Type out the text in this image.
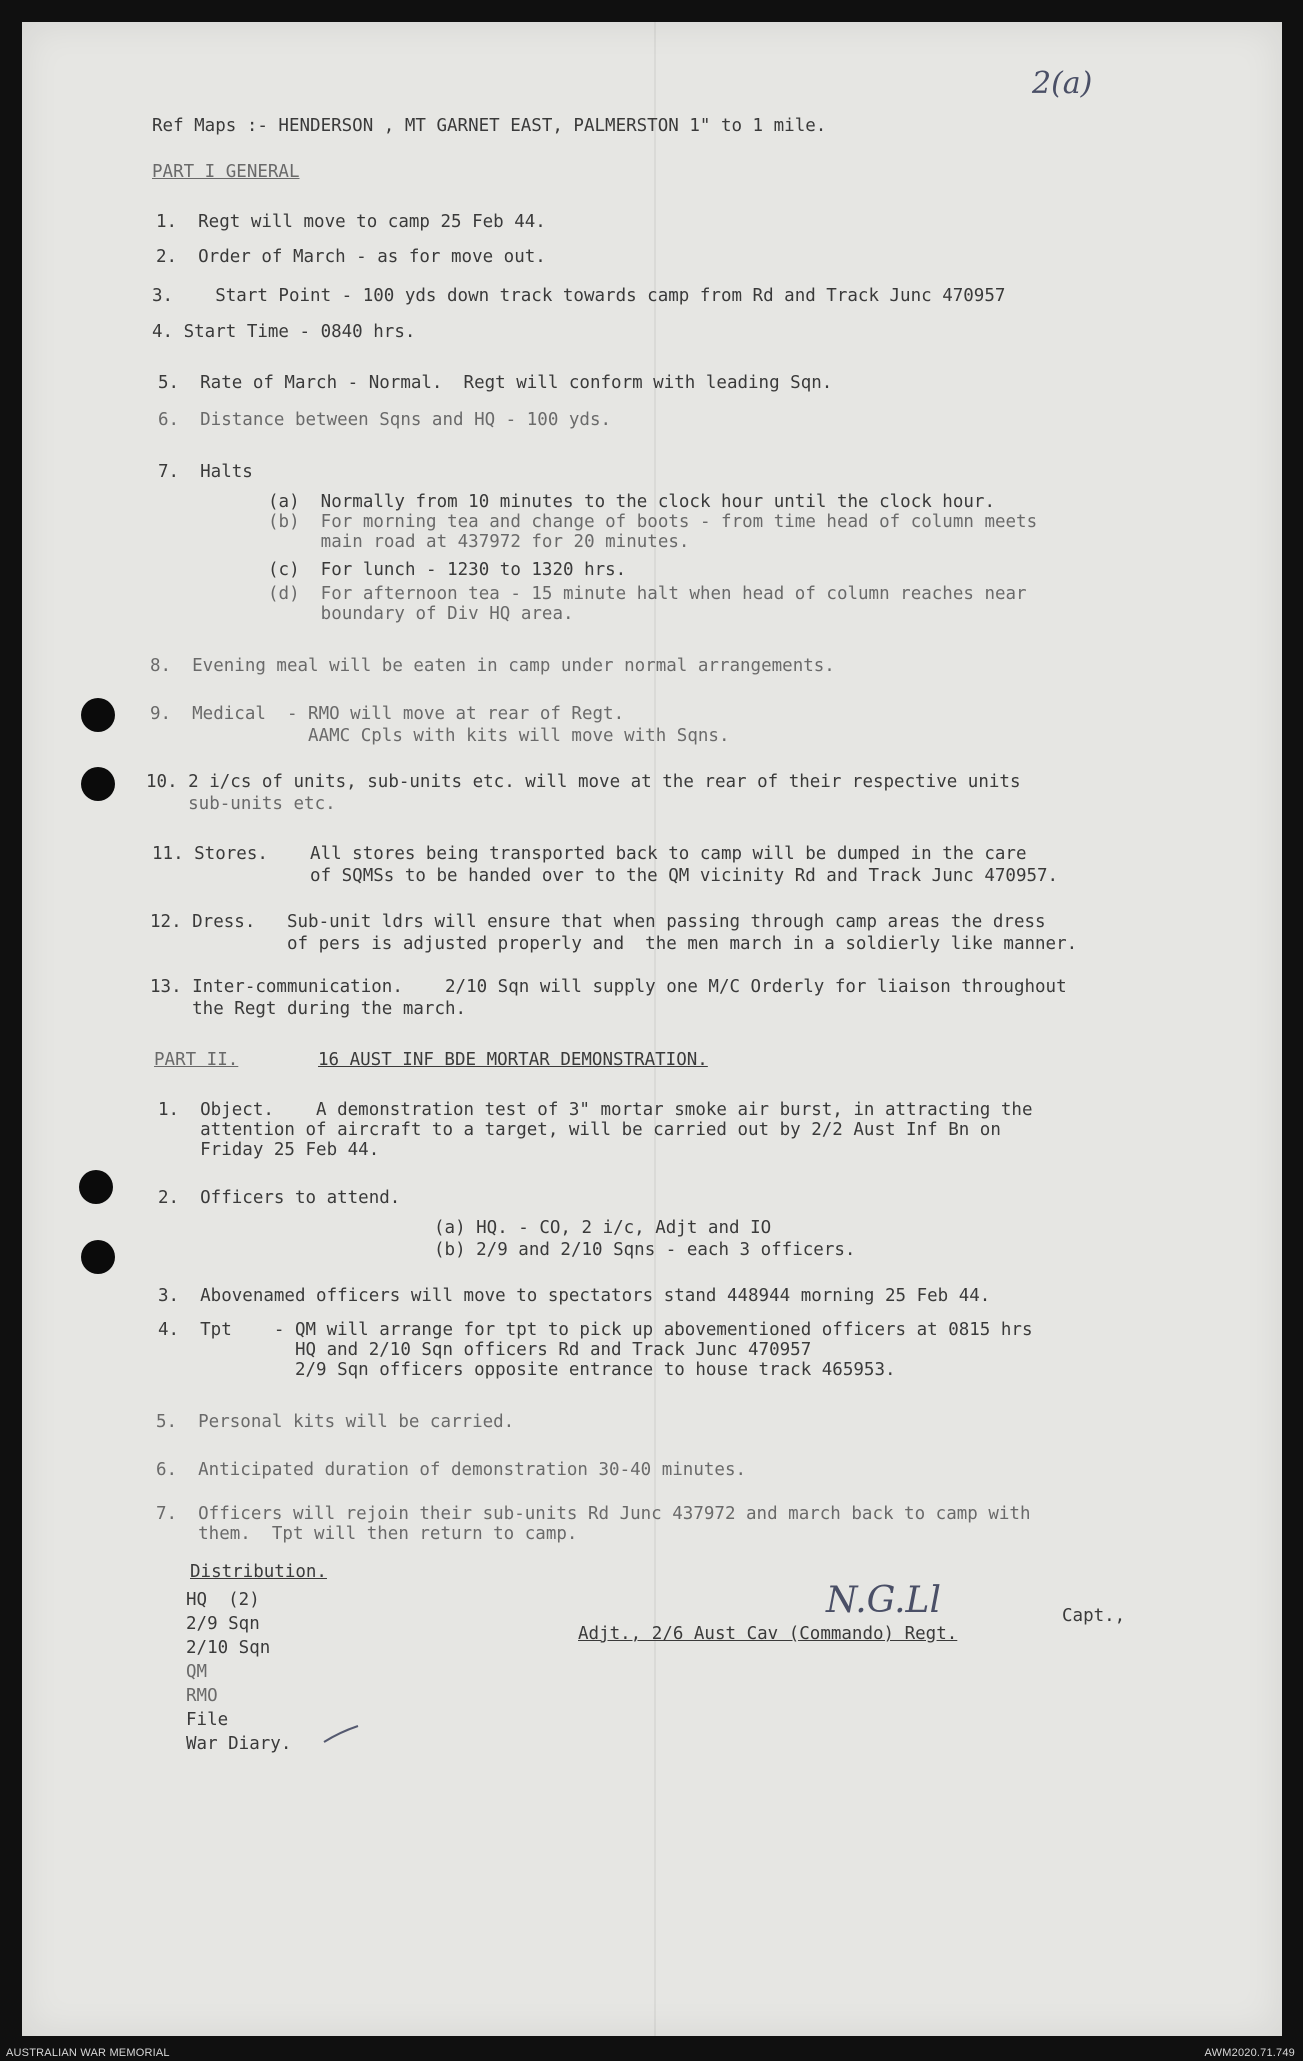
2(a)
Ref Maps :- HENDERSON , MT GARNET EAST, PALMERSTON 1" to 1 mile.
PART I GENERAL
1.  Regt will move to camp 25 Feb 44.
2.  Order of March - as for move out.
3.    Start Point - 100 yds down track towards camp from Rd and Track Junc 470957
4. Start Time - 0840 hrs.
5.  Rate of March - Normal.  Regt will conform with leading Sqn.
6.  Distance between Sqns and HQ - 100 yds.
7.  Halts
(a)  Normally from 10 minutes to the clock hour until the clock hour.
(b)  For morning tea and change of boots - from time head of column meets
main road at 437972 for 20 minutes.
(c)  For lunch - 1230 to 1320 hrs.
(d)  For afternoon tea - 15 minute halt when head of column reaches near
boundary of Div HQ area.
8.  Evening meal will be eaten in camp under normal arrangements.
9.  Medical  - RMO will move at rear of Regt.
AAMC Cpls with kits will move with Sqns.
10. 2 i/cs of units, sub-units etc. will move at the rear of their respective units
sub-units etc.
11. Stores.    All stores being transported back to camp will be dumped in the care
of SQMSs to be handed over to the QM vicinity Rd and Track Junc 470957.
12. Dress.   Sub-unit ldrs will ensure that when passing through camp areas the dress
of pers is adjusted properly and  the men march in a soldierly like manner.
13. Inter-communication.    2/10 Sqn will supply one M/C Orderly for liaison throughout
the Regt during the march.
PART II.	16 AUST INF BDE MORTAR DEMONSTRATION.
1.  Object.    A demonstration test of 3" mortar smoke air burst, in attracting the
attention of aircraft to a target, will be carried out by 2/2 Aust Inf Bn on
Friday 25 Feb 44.
2.  Officers to attend.
(a) HQ. - CO, 2 i/c, Adjt and IO
(b) 2/9 and 2/10 Sqns - each 3 officers.
3.  Abovenamed officers will move to spectators stand 448944 morning 25 Feb 44.
4.  Tpt    - QM will arrange for tpt to pick up abovementioned officers at 0815 hrs
HQ and 2/10 Sqn officers Rd and Track Junc 470957
2/9 Sqn officers opposite entrance to house track 465953.
5.  Personal kits will be carried.
6.  Anticipated duration of demonstration 30-40 minutes.
7.  Officers will rejoin their sub-units Rd Junc 437972 and march back to camp with
them.  Tpt will then return to camp.
Distribution.
HQ  (2)
2/9 Sqn
2/10 Sqn
QM
RMO
File
War Diary.
N.G.Ll	Capt.,
Adjt., 2/6 Aust Cav (Commando) Regt.
AUSTRALIAN WAR MEMORIAL	AWM2020.71.749
